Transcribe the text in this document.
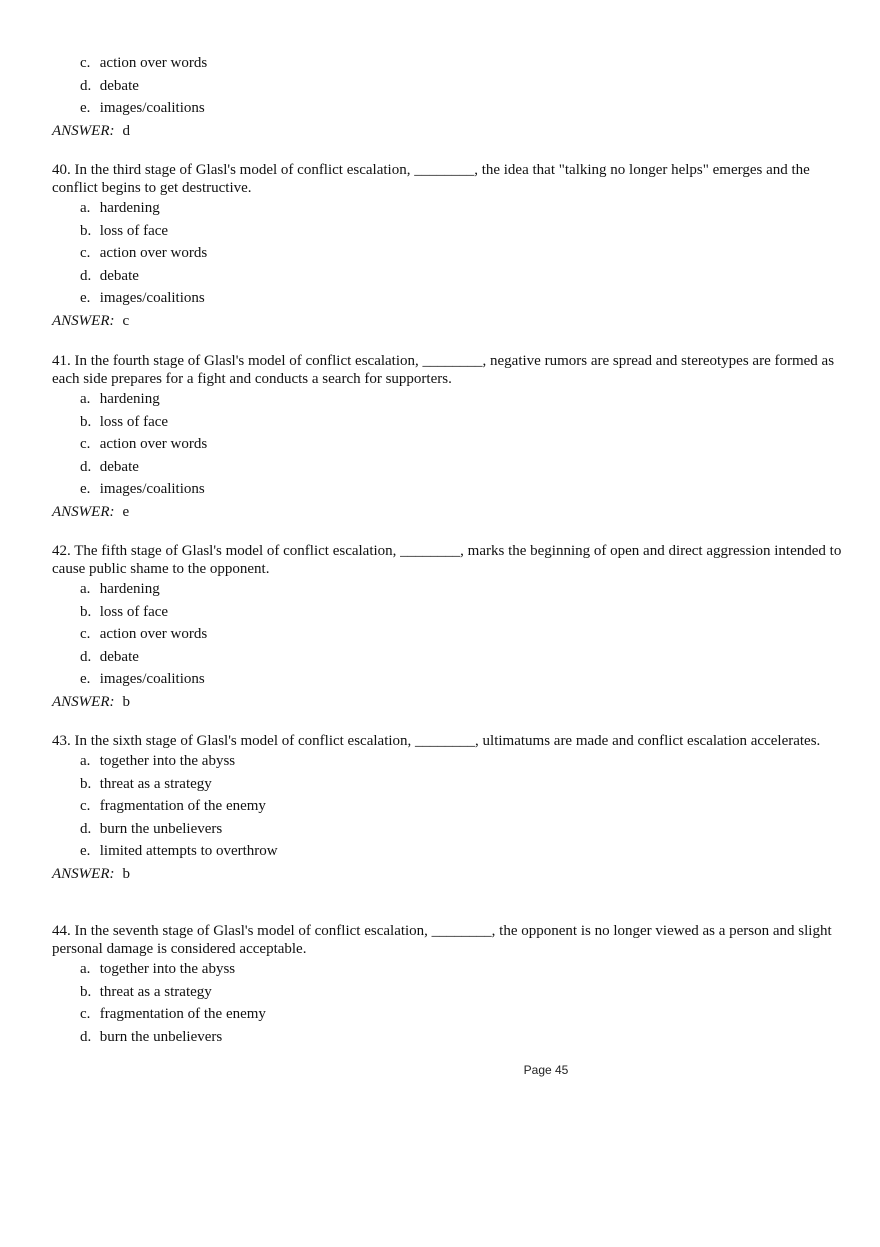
c. action over words
d. debate
e. images/coalitions
ANSWER: d

40. In the third stage of Glasl's model of conflict escalation, ________, the idea that "talking no longer helps" emerges and the conflict begins to get destructive.

a. hardening
b. loss of face
c. action over words
d. debate
e. images/coalitions
ANSWER: c

41. In the fourth stage of Glasl's model of conflict escalation, ________, negative rumors are spread and stereotypes are formed as each side prepares for a fight and conducts a search for supporters.

a. hardening
b. loss of face
c. action over words
d. debate
e. images/coalitions
ANSWER: e

42. The fifth stage of Glasl's model of conflict escalation, ________, marks the beginning of open and direct aggression intended to cause public shame to the opponent.

a. hardening
b. loss of face
c. action over words
d. debate
e. images/coalitions
ANSWER: b

43. In the sixth stage of Glasl's model of conflict escalation, ________, ultimatums are made and conflict escalation accelerates.

a. together into the abyss
b. threat as a strategy
c. fragmentation of the enemy
d. burn the unbelievers
e. limited attempts to overthrow
ANSWER: b

44. In the seventh stage of Glasl's model of conflict escalation, ________, the opponent is no longer viewed as a person and slight personal damage is considered acceptable.

a. together into the abyss
b. threat as a strategy
c. fragmentation of the enemy
d. burn the unbelievers
Page 45
